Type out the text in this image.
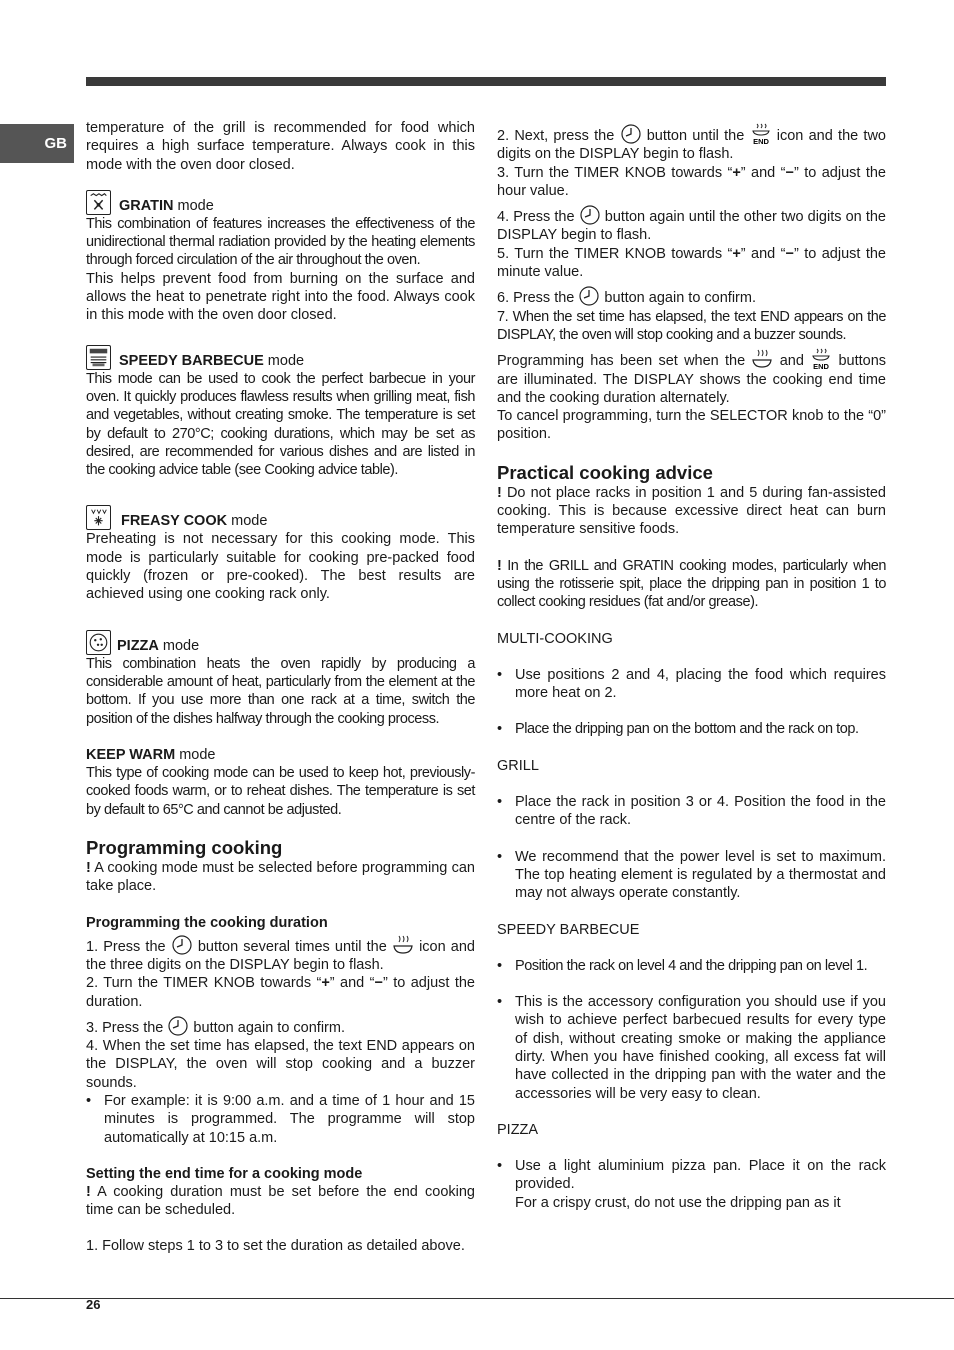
GB

temperature of the grill is recommended for food which requires a high surface temperature. Always cook in this mode with the oven door closed.

GRATIN mode

This combination of features increases the effectiveness of the unidirectional thermal radiation provided by the heating elements through forced circulation of the air throughout the oven.

This helps prevent food from burning on the surface and allows the heat to penetrate right into the food. Always cook in this mode with the oven door closed.

SPEEDY BARBECUE mode

This mode can be used to cook the perfect barbecue in your oven. It quickly produces flawless results when grilling meat, fish and vegetables, without creating smoke. The temperature is set by default to 270°C; cooking durations, which may be set as desired, are recommended for various dishes and are listed in the cooking advice table (see Cooking advice table).

FREASY COOK mode

Preheating is not necessary for this cooking mode. This mode is particularly suitable for cooking pre-packed food quickly (frozen or pre-cooked). The best results are achieved using one cooking rack only.

PIZZA mode

This combination heats the oven rapidly by producing a considerable amount of heat, particularly from the element at the bottom. If you use more than one rack at a time, switch the position of the dishes halfway through the cooking process.

KEEP WARM mode

This type of cooking mode can be used to keep hot, previously-cooked foods warm, or to reheat dishes. The temperature is set by default to 65°C and cannot be adjusted.

Programming cooking

! A cooking mode must be selected before programming can take place.

Programming the cooking duration

1. Press the  button several times until the  icon and the three digits on the DISPLAY begin to flash.

2. Turn the TIMER KNOB towards “+” and “−” to adjust the duration.

3. Press the  button again to confirm.

4. When the set time has elapsed, the text END appears on the DISPLAY, the oven will stop cooking and a buzzer sounds.

• For example: it is 9:00 a.m. and a time of 1 hour and 15 minutes is programmed. The programme will stop automatically at 10:15 a.m.
Setting the end time for a cooking mode

! A cooking duration must be set before the end cooking time can be scheduled.

1. Follow steps 1 to 3 to set the duration as detailed above.

2. Next, press the  button until the END icon and the two digits on the DISPLAY begin to flash.

3. Turn the TIMER KNOB towards “+” and “−” to adjust the hour value.

4. Press the  button again until the other two digits on the DISPLAY begin to flash.

5. Turn the TIMER KNOB towards “+” and “−” to adjust the minute value.

6. Press the  button again to confirm.

7. When the set time has elapsed, the text END appears on the DISPLAY, the oven will stop cooking and a buzzer sounds.

Programming has been set when the  and END buttons are illuminated. The DISPLAY shows the cooking end time and the cooking duration alternately.

To cancel programming, turn the SELECTOR knob to the “0” position.

Practical cooking advice

! Do not place racks in position 1 and 5 during fan-assisted cooking. This is because excessive direct heat can burn temperature sensitive foods.

! In the GRILL and GRATIN cooking modes, particularly when using the rotisserie spit, place the dripping pan in position 1 to collect cooking residues (fat and/or grease).

MULTI-COOKING

• Use positions 2 and 4, placing the food which requires more heat on 2.
• Place the dripping pan on the bottom and the rack on top.

GRILL

• Place the rack in position 3 or 4. Position the food in the centre of the rack.
• We recommend that the power level is set to maximum. The top heating element is regulated by a thermostat and may not always operate constantly.

SPEEDY BARBECUE

• Position the rack on level 4 and the dripping pan on level 1.
• This is the accessory configuration you should use if you wish to achieve perfect barbecued results for every type of dish, without creating smoke or making the appliance dirty. When you have finished cooking, all excess fat will have collected in the dripping pan with the water and the accessories will be very easy to clean.

PIZZA

• Use a light aluminium pizza pan. Place it on the rack provided.
For a crispy crust, do not use the dripping pan as it
26
